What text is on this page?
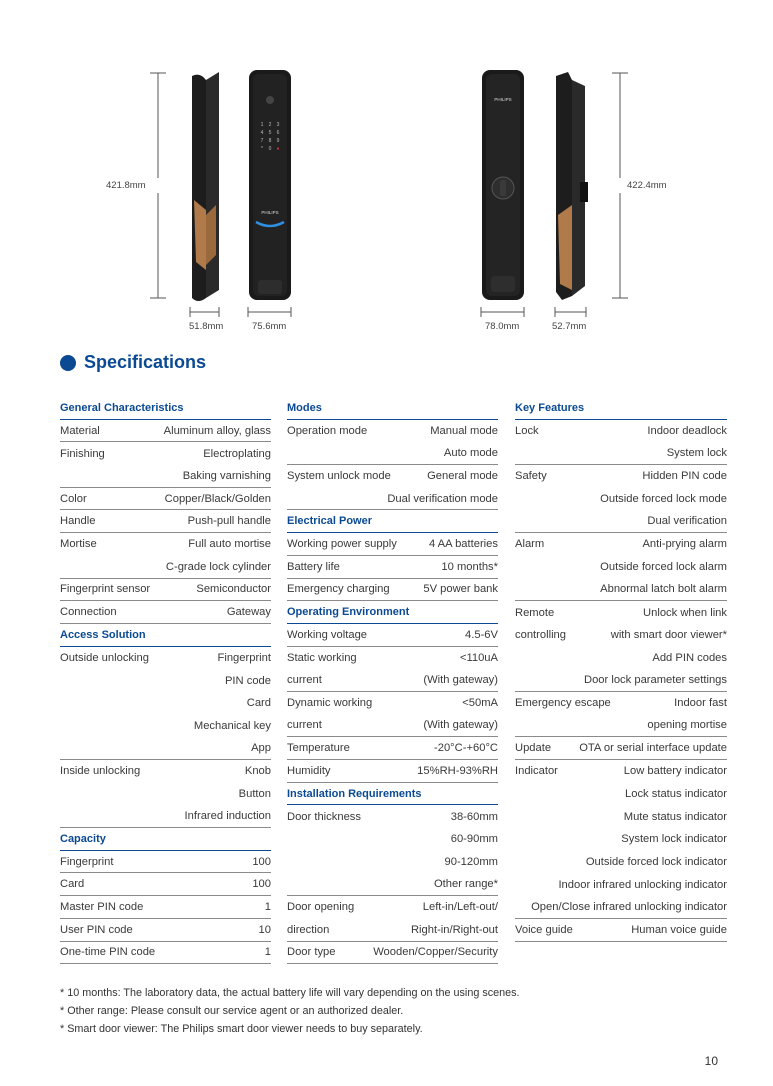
1 2 3
4 5 6
7 8 9
* 0 ●
PHILIPS
PHILIPS
421.8mm	422.4mm
51.8mm	75.6mm	78.0mm	52.7mm
Specifications
General Characteristics
Material	Aluminum alloy, glass
Finishing	Electroplating
Baking varnishing
Color	Copper/Black/Golden
Handle	Push-pull handle
Mortise	Full auto mortise
C-grade lock cylinder
Fingerprint sensor	Semiconductor
Connection	Gateway
Access Solution
Outside unlocking	Fingerprint
PIN code
Card
Mechanical key
App
Inside unlocking	Knob
Button
Infrared induction
Capacity
Fingerprint	100
Card	100
Master PIN code	1
User PIN code	10
One-time PIN code	1
Modes
Operation mode	Manual mode
Auto mode
System unlock mode	General mode
Dual verification mode
Electrical Power
Working power supply	4 AA batteries
Battery life	10 months*
Emergency charging	5V power bank
Operating Environment
Working voltage	4.5-6V
Static working	<110uA
current	(With gateway)
Dynamic working	<50mA
current	(With gateway)
Temperature	-20°C-+60°C
Humidity	15%RH-93%RH
Installation Requirements
Door thickness	38-60mm
60-90mm
90-120mm
Other range*
Door opening	Left-in/Left-out/
direction	Right-in/Right-out
Door type	Wooden/Copper/Security
Key Features
Lock	Indoor deadlock
System lock
Safety	Hidden PIN code
Outside forced lock mode
Dual verification
Alarm	Anti-prying alarm
Outside forced lock alarm
Abnormal latch bolt alarm
Remote	Unlock when link
controlling	with smart door viewer*
Add PIN codes
Door lock parameter settings
Emergency escape	Indoor fast
opening mortise
Update	OTA or serial interface update
Indicator	Low battery indicator
Lock status indicator
Mute status indicator
System lock indicator
Outside forced lock indicator
Indoor infrared unlocking indicator
Open/Close infrared unlocking indicator
Voice guide	Human voice guide
* 10 months: The laboratory data, the actual battery life will vary depending on the using scenes.
* Other range: Please consult our service agent or an authorized dealer.
* Smart door viewer: The Philips smart door viewer needs to buy separately.
10
